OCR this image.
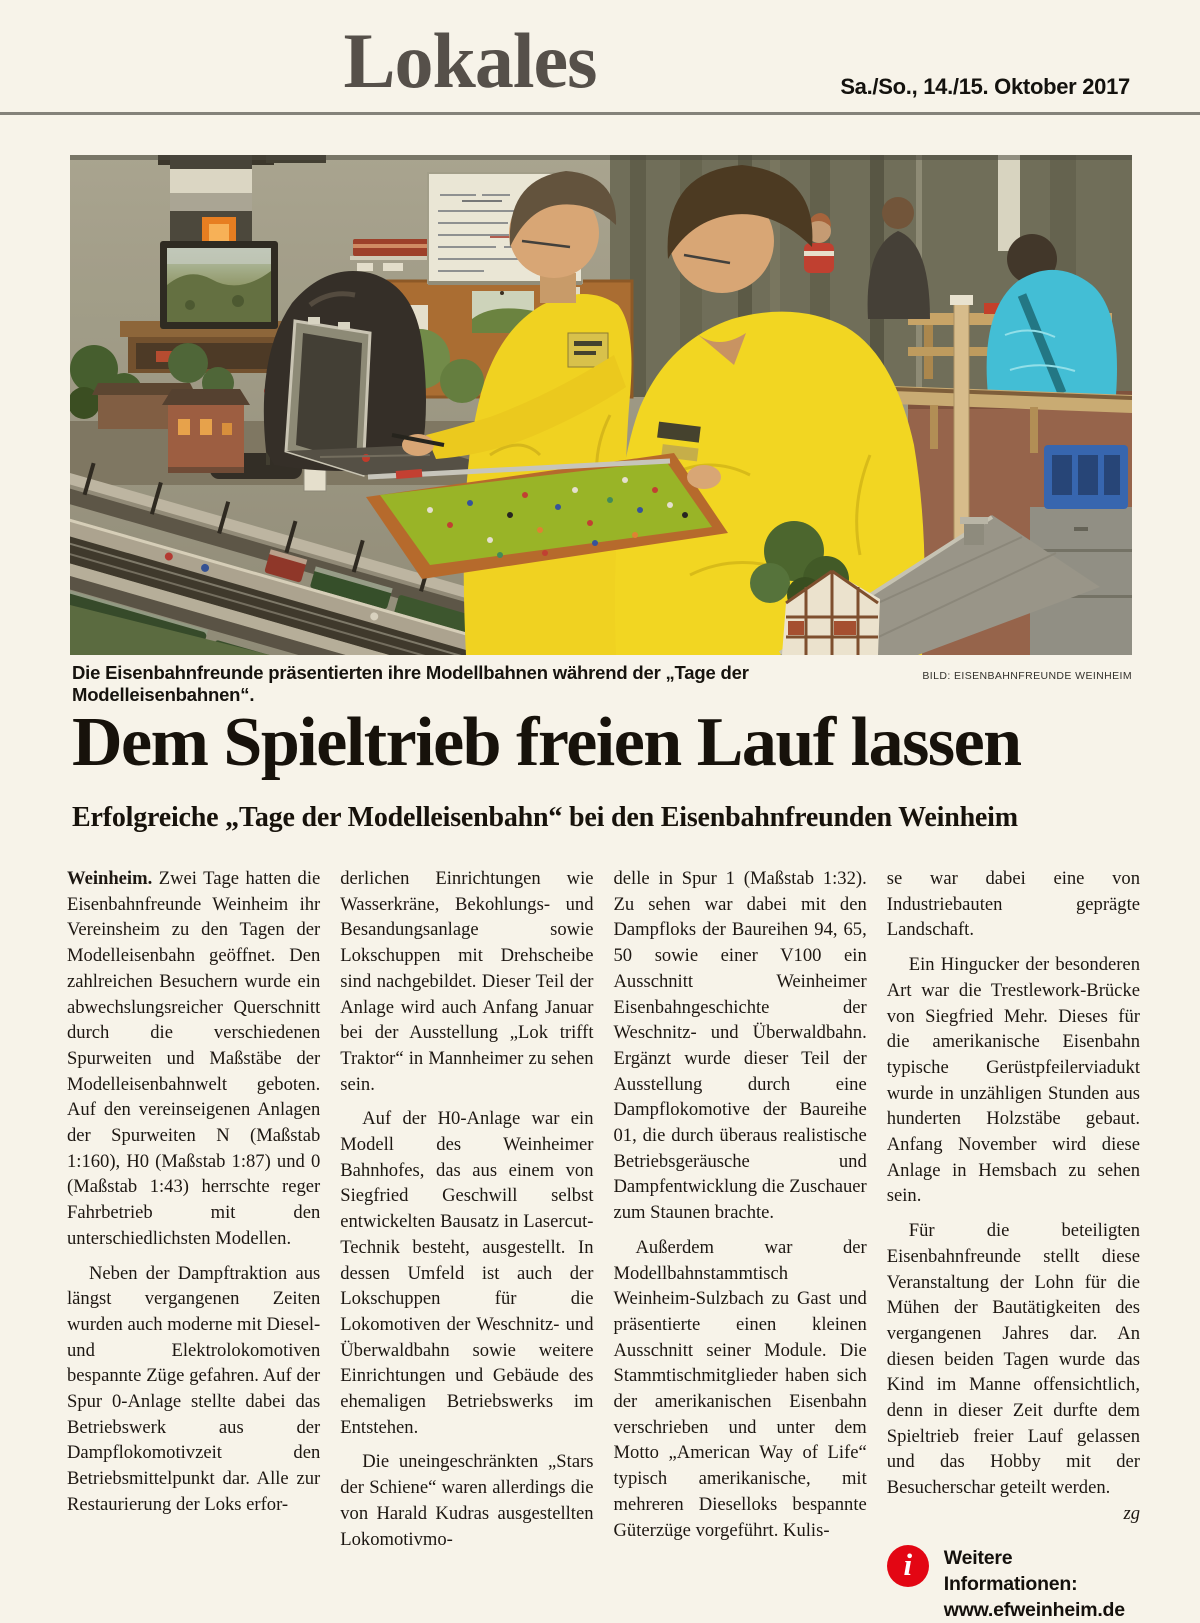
Lokales	Sa./So., 14./15. Oktober 2017
Die Eisenbahnfreunde präsentierten ihre Modellbahnen während der „Tage der Modelleisenbahnen“.
BILD: EISENBAHNFREUNDE WEINHEIM
Dem Spieltrieb freien Lauf lassen
Erfolgreiche „Tage der Modelleisenbahn“ bei den Eisenbahnfreunden Weinheim

Weinheim. Zwei Tage hatten die Eisenbahnfreunde Weinheim ihr Vereinsheim zu den Tagen der Modelleisenbahn geöffnet. Den zahlreichen Besuchern wurde ein abwechslungsreicher Querschnitt durch die verschiedenen Spurweiten und Maßstäbe der Modelleisenbahnwelt geboten. Auf den vereinseigenen Anlagen der Spurweiten N (Maßstab 1:160), H0 (Maßstab 1:87) und 0 (Maßstab 1:43) herrschte reger Fahrbetrieb mit den unterschiedlichsten Modellen.

Neben der Dampftraktion aus längst vergangenen Zeiten wurden auch moderne mit Diesel- und Elektrolokomotiven bespannte Züge gefahren. Auf der Spur 0-Anlage stellte dabei das Betriebswerk aus der Dampflokomotivzeit den Betriebsmittelpunkt dar. Alle zur Restaurierung der Loks erfor-

derlichen Einrichtungen wie Wasserkräne, Bekohlungs- und Besandungsanlage sowie Lokschuppen mit Drehscheibe sind nachgebildet. Dieser Teil der Anlage wird auch Anfang Januar bei der Ausstellung „Lok trifft Traktor“ in Mannheimer zu sehen sein.

Auf der H0-Anlage war ein Modell des Weinheimer Bahnhofes, das aus einem von Siegfried Geschwill selbst entwickelten Bausatz in Lasercut-Technik besteht, ausgestellt. In dessen Umfeld ist auch der Lokschuppen für die Lokomotiven der Weschnitz- und Überwaldbahn sowie weitere Einrichtungen und Gebäude des ehemaligen Betriebswerks im Entstehen.

Die uneingeschränkten „Stars der Schiene“ waren allerdings die von Harald Kudras ausgestellten Lokomotivmo-

delle in Spur 1 (Maßstab 1:32). Zu sehen war dabei mit den Dampfloks der Baureihen 94, 65, 50 sowie einer V100 ein Ausschnitt Weinheimer Eisenbahngeschichte der Weschnitz- und Überwaldbahn. Ergänzt wurde dieser Teil der Ausstellung durch eine Dampflokomotive der Baureihe 01, die durch überaus realistische Betriebsgeräusche und Dampfentwicklung die Zuschauer zum Staunen brachte.

Außerdem war der Modellbahnstammtisch Weinheim-Sulzbach zu Gast und präsentierte einen kleinen Ausschnitt seiner Module. Die Stammtischmitglieder haben sich der amerikanischen Eisenbahn verschrieben und unter dem Motto „American Way of Life“ typisch amerikanische, mit mehreren Dieselloks bespannte Güterzüge vorgeführt. Kulis-

se war dabei eine von Industriebauten geprägte Landschaft.

Ein Hingucker der besonderen Art war die Trestlework-Brücke von Siegfried Mehr. Dieses für die amerikanische Eisenbahn typische Gerüstpfeilerviadukt wurde in unzähligen Stunden aus hunderten Holzstäbe gebaut. Anfang November wird diese Anlage in Hemsbach zu sehen sein.

Für die beteiligten Eisenbahnfreunde stellt diese Veranstaltung der Lohn für die Mühen der Bautätigkeiten des vergangenen Jahres dar. An diesen beiden Tagen wurde das Kind im Manne offensichtlich, denn in dieser Zeit durfte dem Spieltrieb freier Lauf gelassen und das Hobby mit der Besucherschar geteilt werden.
zg

i Weitere Informationen:
www.efweinheim.de
